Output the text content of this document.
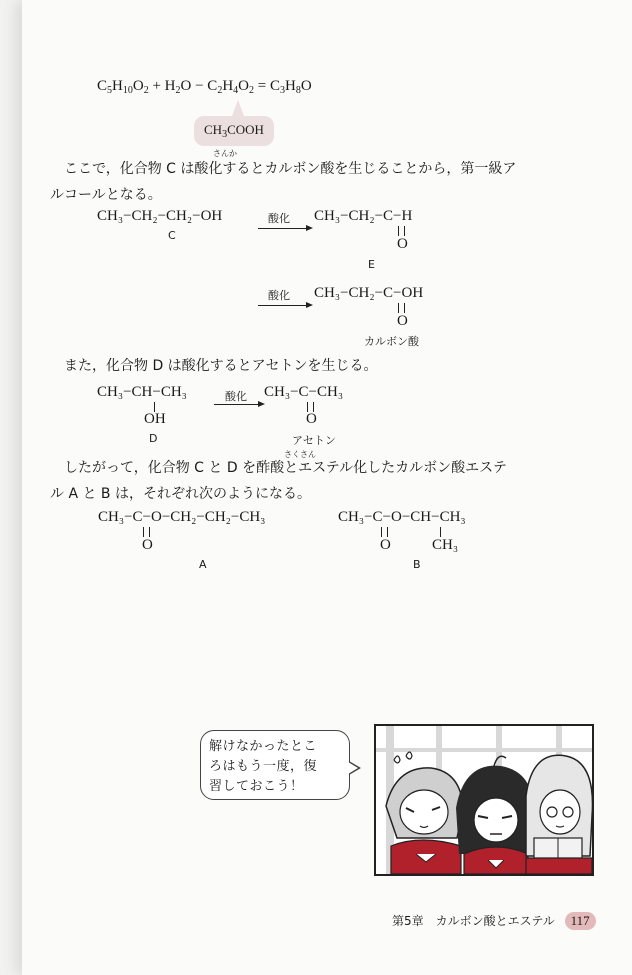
$C_5H_{10}O_2 + H_2O - C_2H_4O_2 = C_3H_8O$
$CH_3COOH$
さんか
ここで，化合物 C は酸化するとカルボン酸を生じることから，第一級ア
ルコールとなる。
CH₃−CH₂−CH₂−OH
C
酸化 CH₃−CH₂−C−H
O
E
酸化 CH₃−CH₂−C−OH
O
カルボン酸
また，化合物 D は酸化するとアセトンを生じる。
CH₃−CH−CH₃
OH
D
酸化 CH₃−C−CH₃
O
アセトン
さくさん
したがって，化合物 C と D を酢酸とエステル化したカルボン酸エステ
ル A と B は，それぞれ次のようになる。
CH₃−C−O−CH₂−CH₂−CH₃
O
A
CH₃−C−O−CH−CH₃
O	CH₃
B
解けなかったとこ
ろはもう一度，復
習しておこう！
第5章　カルボン酸とエステル 117
